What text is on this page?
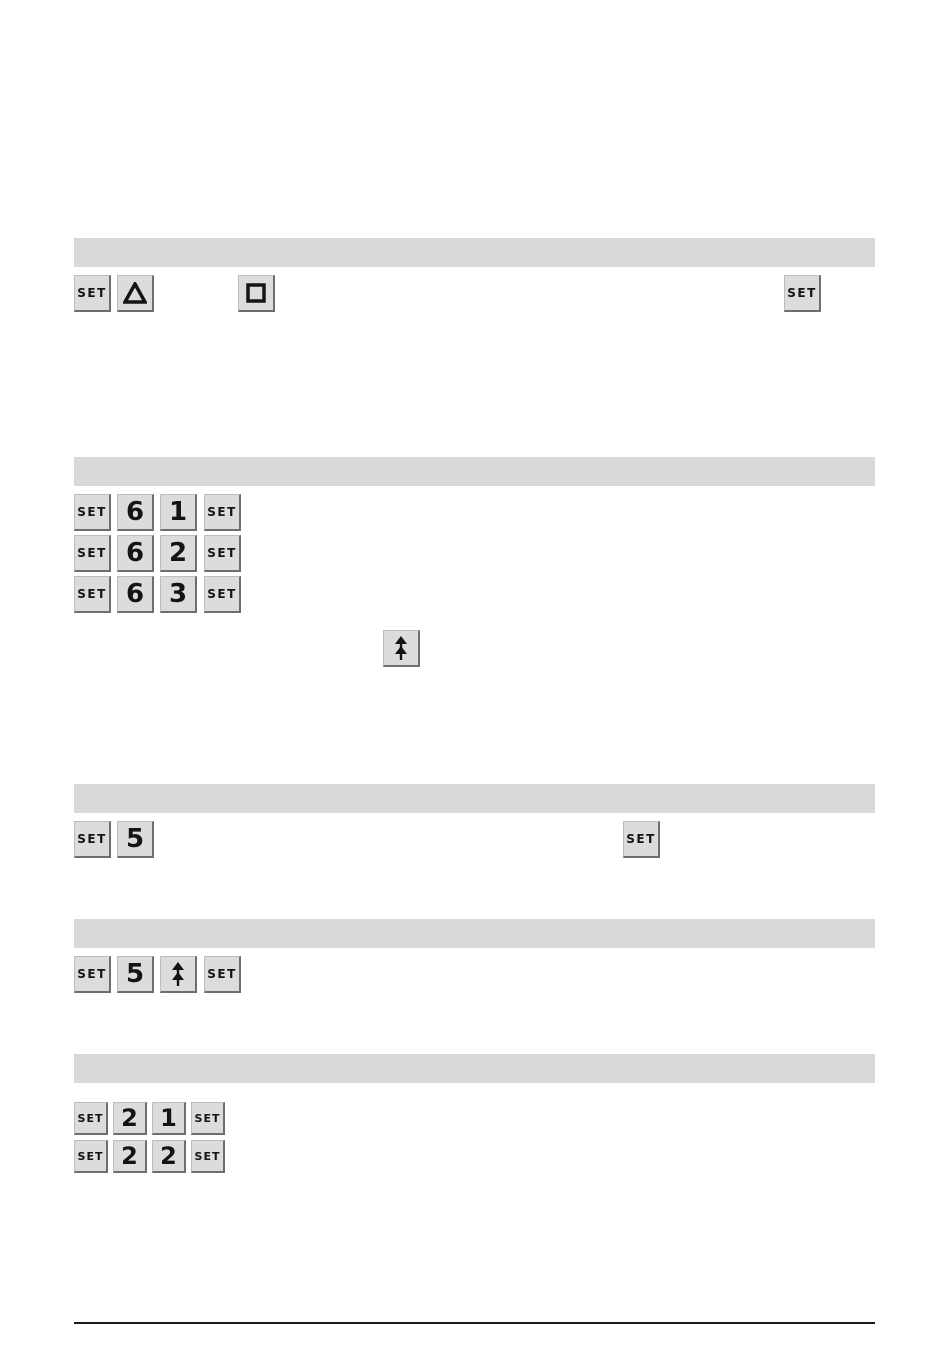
SET	SET
SET 6 1 SET
SET 6 2 SET
SET 6 3 SET
SET 5	SET
SET 5	SET
SET 2 1 SET
SET 2 2 SET
